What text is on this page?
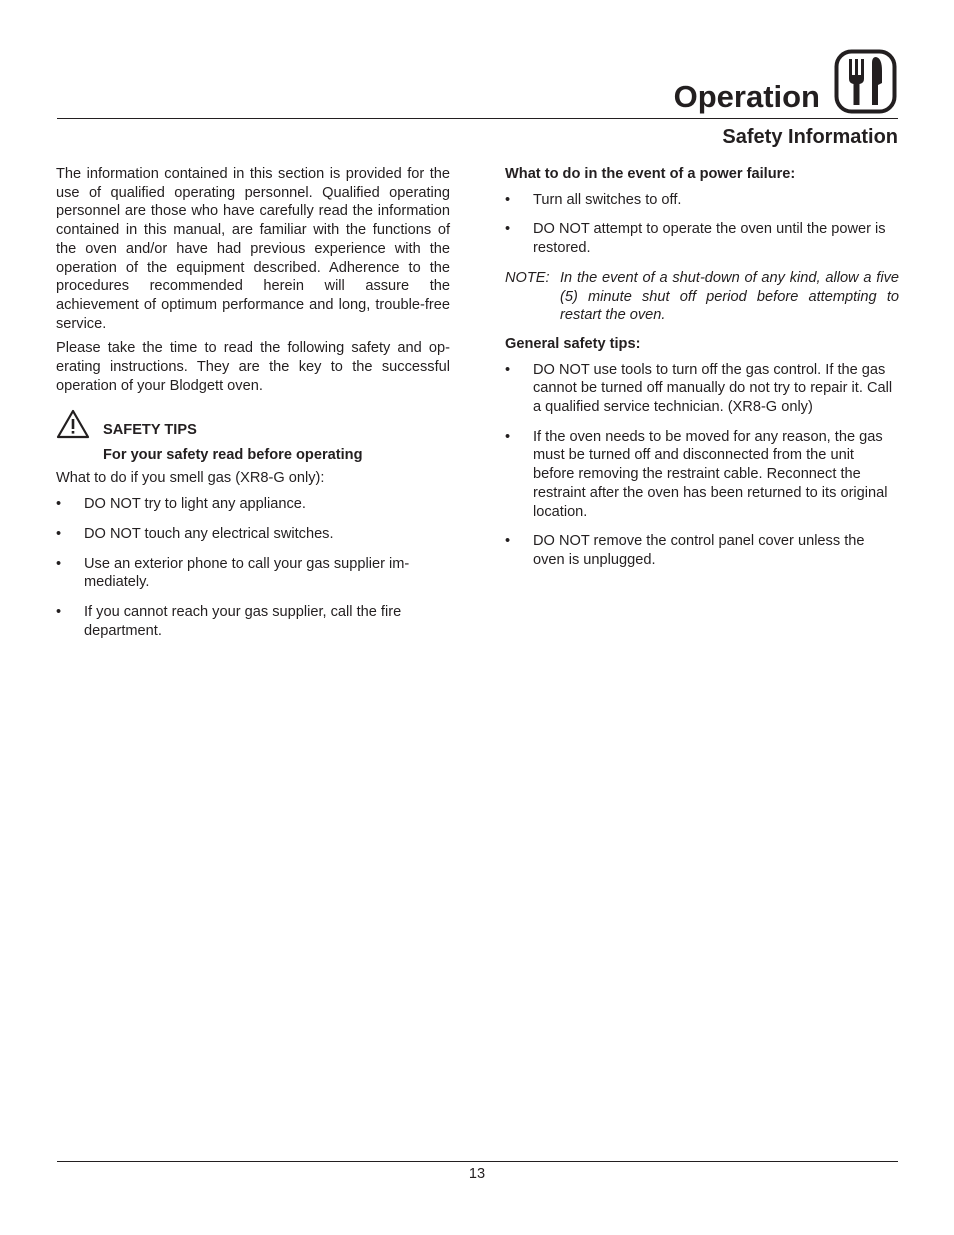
Operation
Safety Information

The information contained in this section is provided for the use of qualified operating personnel. Qualified operating personnel are those who have carefully read the information contained in this manual, are familiar with the functions of the oven and/or have had previous experience with the operation of the equipment described. Adherence to the procedures recommended herein will assure the achievement of optimum performance and long, trouble-free service.

Please take the time to read the following safety and operating instructions. They are the key to the successful operation of your Blodgett oven.

SAFETY TIPS
For your safety read before operating

What to do if you smell gas (XR8-G only):

• DO NOT try to light any appliance.
• DO NOT touch any electrical switches.
• Use an exterior phone to call your gas supplier immediately.
• If you cannot reach your gas supplier, call the fire department.

What to do in the event of a power failure:

• Turn all switches to off.
• DO NOT attempt to operate the oven until the power is restored.
NOTE: In the event of a shut-down of any kind, allow a five (5) minute shut off period before attempting to restart the oven.

General safety tips:

• DO NOT use tools to turn off the gas control. If the gas cannot be turned off manually do not try to repair it. Call a qualified service technician. (XR8-G only)
• If the oven needs to be moved for any reason, the gas must be turned off and disconnected from the unit before removing the restraint cable. Reconnect the restraint after the oven has been returned to its original location.
• DO NOT remove the control panel cover unless the oven is unplugged.
13
